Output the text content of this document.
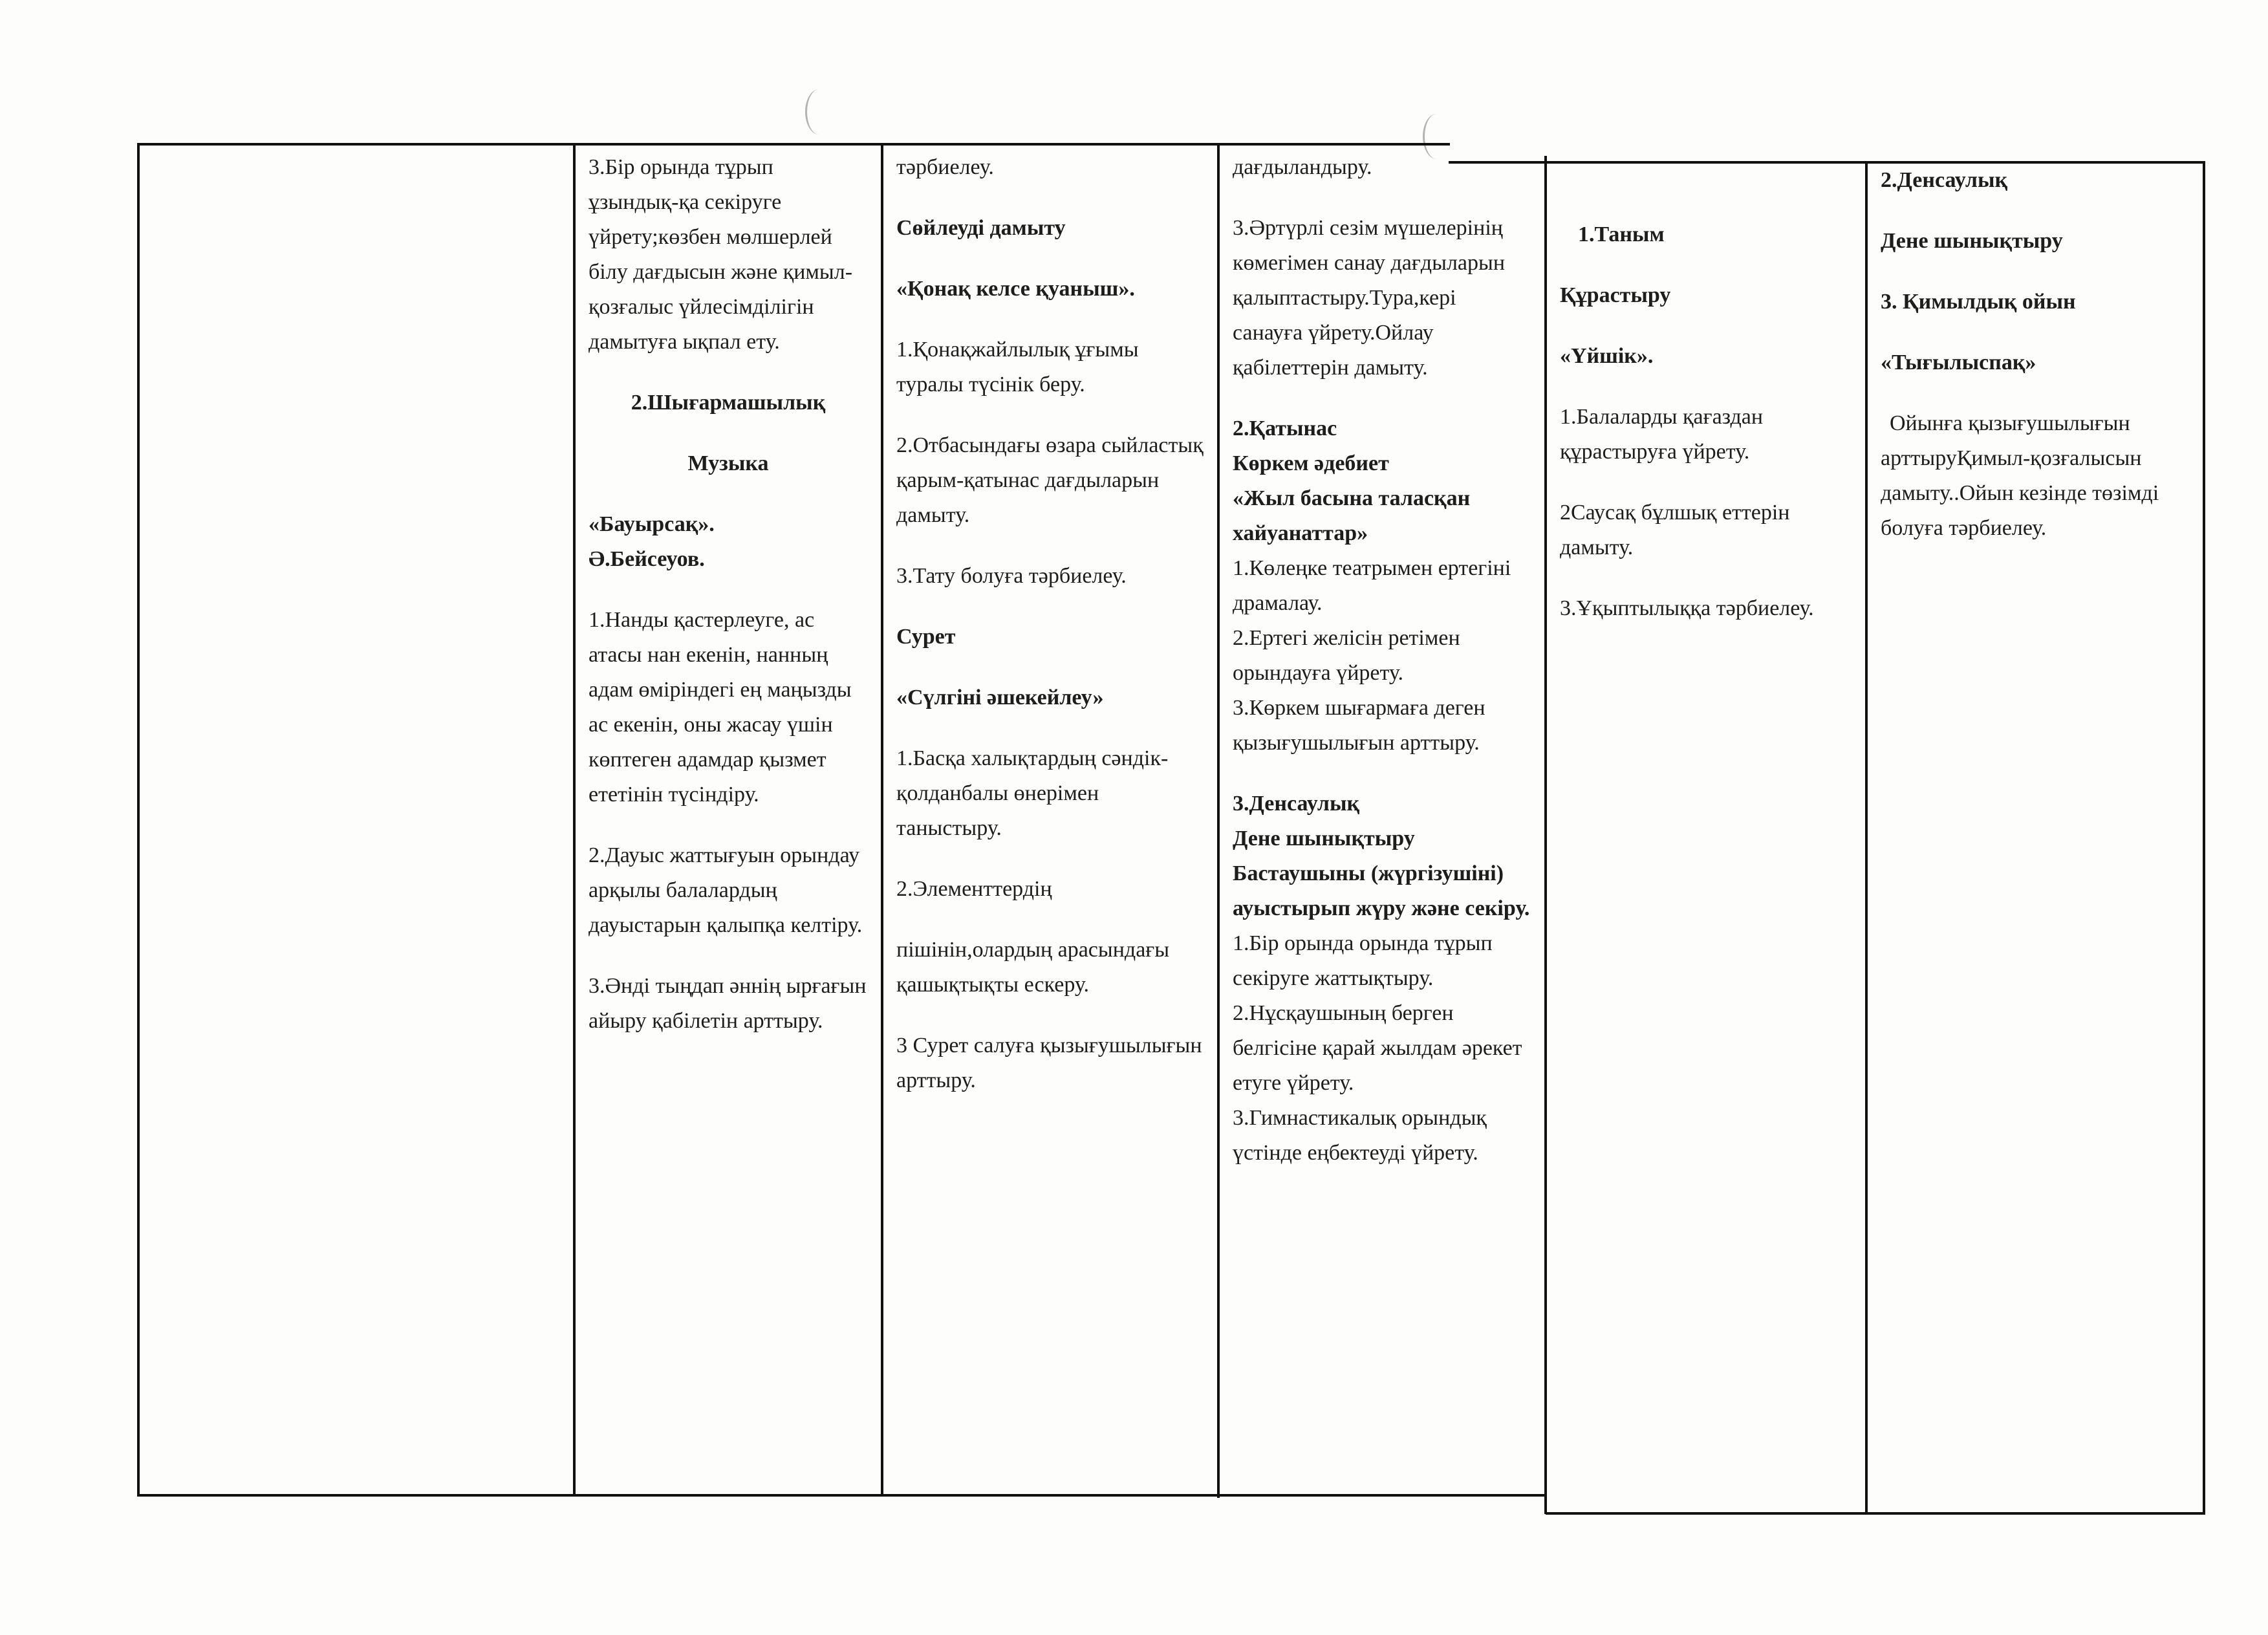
3.Бір орында тұрып ұзындық-қа секіруге үйрету;көзбен мөлшерлей білу дағдысын және қимыл-қозғалыс үйлесімділігін дамытуға ықпал ету.

2.Шығармашылық

Музыка

«Бауырсақ».

Ә.Бейсеуов.

1.Нанды қастерлеуге, ас атасы нан екенін, нанның адам өміріндегі ең маңызды ас екенін, оны жасау үшін көптеген адамдар қызмет ететінін түсіндіру.

2.Дауыс жаттығуын орындау арқылы балалардың дауыстарын қалыпқа келтіру.

3.Әнді тыңдап әннің ырғағын айыру қабілетін арттыру.

тәрбиелеу.

Сөйлеуді дамыту

«Қонақ келсе қуаныш».

1.Қонақжайлылық ұғымы туралы түсінік беру.

2.Отбасындағы өзара сыйластық қарым-қатынас дағдыларын дамыту.

3.Тату болуға тәрбиелеу.

Сурет

«Сүлгіні әшекейлеу»

1.Басқа халықтардың сәндік-қолданбалы өнерімен таныстыру.

2.Элементтердің

пішінін,олардың арасындағы қашықтықты ескеру.

3 Сурет салуға қызығушылығын арттыру.

дағдыландыру.

3.Әртүрлі сезім мүшелерінің көмегімен санау дағдыларын қалыптастыру.Тура,кері санауға үйрету.Ойлау қабілеттерін дамыту.

2.Қатынас

Көркем әдебиет

«Жыл басына таласқан хайуанаттар»

1.Көлеңке театрымен ертегіні драмалау.

2.Ертегі желісін ретімен орындауға үйрету.

3.Көркем шығармаға деген қызығушылығын арттыру.

3.Денсаулық

Дене шынықтыру

Бастаушыны (жүргізушіні) ауыстырып жүру және секіру.

1.Бір орында орында тұрып секіруге жаттықтыру.

2.Нұсқаушының берген белгісіне қарай жылдам әрекет етуге үйрету.

3.Гимнастикалық орындық үстінде еңбектеуді үйрету.

1.Таным

Құрастыру

«Үйшік».

1.Балаларды қағаздан құрастыруға үйрету.

2Саусақ бұлшық еттерін дамыту.

3.Ұқыптылыққа тәрбиелеу.

2.Денсаулық

Дене шынықтыру

3. Қимылдық ойын

«Тығылыспақ»

Ойынға қызығушылығын арттыруҚимыл-қозғалысын дамыту..Ойын кезінде төзімді болуға тәрбиелеу.
